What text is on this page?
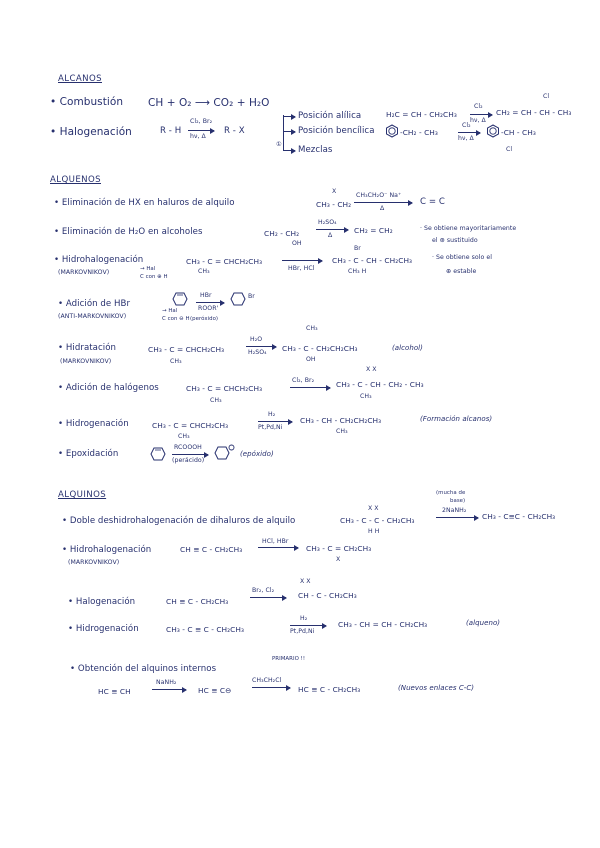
ALCANOS
• Combustión CH + O₂ ⟶ CO₂ + H₂O
• Halogenación	R - H
Cl₂, Br₂
hν, Δ
R - X
Posición alílica
Posición bencílica
①
Mezclas
H₂C = CH - CH₂CH₃
Cl₂
hν, Δ
CH₂ = CH - CH - CH₃
Cl
-CH₂ - CH₃
Cl₂
hν, Δ
-CH - CH₃
Cl
ALQUENOS
• Eliminación de HX en haluros de alquilo
X
CH₃ - CH₂
CH₃CH₂O⁻ Na⁺
Δ
C = C
• Eliminación de H₂O en alcoholes	CH₂ - CH₂
OH
H₂SO₄
Δ
CH₂ = CH₂	· Se obtiene mayoritariamente
el ⊛ sustituido
• Hidrohalogenación
(MARKOVNIKOV)	→ Hal
C con ⊕ H
CH₃ - C = CHCH₂CH₃
CH₃	HBr, HCl
Br
CH₃ - C - CH - CH₂CH₃
CH₃ H
· Se obtiene solo el
⊕ estable
• Adición de HBr
(ANTI-MARKOVNIKOV)
→ Hal
C con ⊖ H
HBr
ROOR'
(peróxido)
Br
• Hidratación
(MARKOVNIKOV)
CH₃ - C = CHCH₂CH₃
CH₃
H₂O
H₂SO₄
CH₃
CH₃ - C - CH₂CH₂CH₃
OH
(alcohol)
• Adición de halógenos	CH₃ - C = CHCH₂CH₃
CH₃
Cl₂, Br₂
X X
CH₃ - C - CH - CH₂ - CH₃
CH₃
• Hidrogenación	CH₃ - C = CHCH₂CH₃
CH₃
H₂
Pt,Pd,Ni
CH₃ - CH - CH₂CH₂CH₃
CH₃
(Formación alcanos)
• Epoxidación
RCOOOH
(perácido)
(epóxido)
ALQUINOS
• Doble deshidrohalogenación de dihaluros de alquilo
X X
CH₃ - C - C - CH₂CH₃
H H
(mucha de
base)
2NaNH₂
CH₃ - C≡C - CH₂CH₃
• Hidrohalogenación
(MARKOVNIKOV)
CH ≡ C - CH₂CH₃
HCl, HBr
CH₃ - C = CH₂CH₃
X
• Halogenación	CH ≡ C - CH₂CH₃
Br₂, Cl₂
X X
CH - C - CH₂CH₃
• Hidrogenación	CH₃ - C ≡ C - CH₂CH₃
H₂
Pt,Pd,Ni
CH₃ - CH = CH - CH₂CH₃	(alqueno)
• Obtención del alquinos internos
PRIMARIO !!
HC ≡ CH
NaNH₂
HC ≡ C⊖
CH₃CH₂Cl
HC ≡ C - CH₂CH₃	(Nuevos enlaces C-C)
